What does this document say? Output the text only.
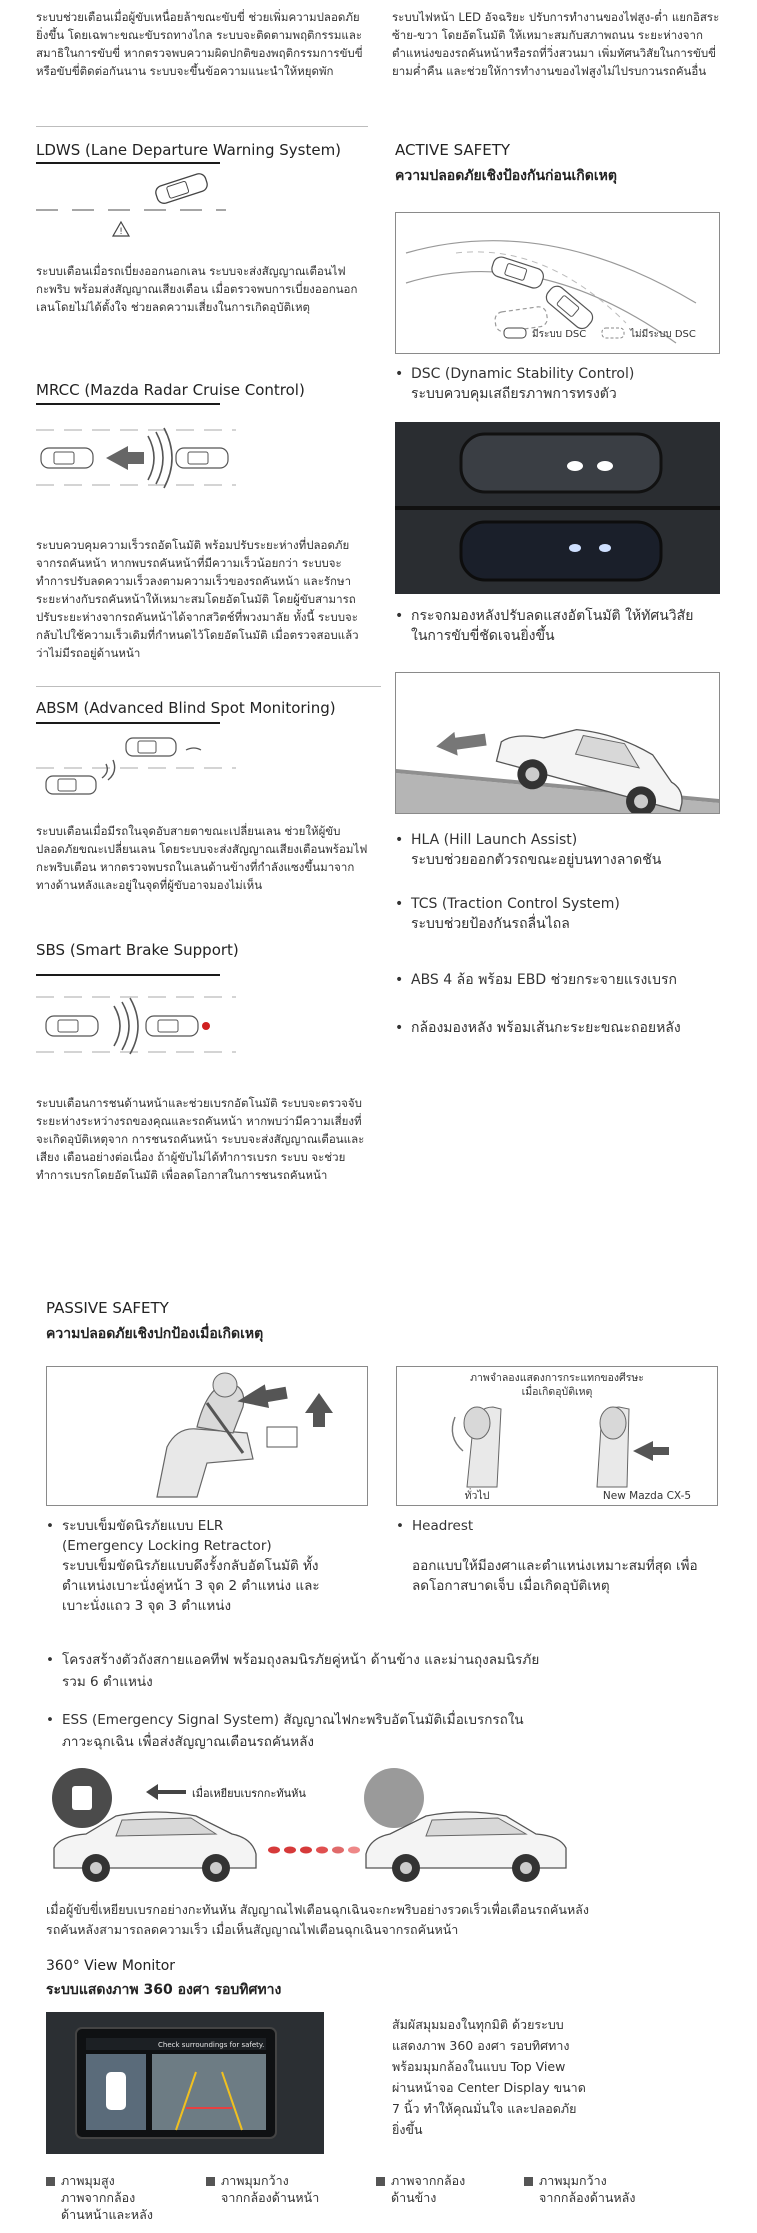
ระบบช่วยเตือนเมื่อผู้ขับเหนื่อยล้าขณะขับขี่ ช่วยเพิ่มความปลอดภัยยิ่งขึ้น โดยเฉพาะขณะขับรถทางไกล ระบบจะติดตามพฤติกรรมและสมาธิในการขับขี่ หากตรวจพบความผิดปกติของพฤติกรรมการขับขี่ หรือขับขี่ติดต่อกันนาน ระบบจะขึ้นข้อความแนะนำให้หยุดพัก
LDWS (Lane Departure Warning System)
!
ระบบเตือนเมื่อรถเบี่ยงออกนอกเลน ระบบจะส่งสัญญาณเตือนไฟกะพริบ พร้อมส่งสัญญาณเสียงเตือน เมื่อตรวจพบการเบี่ยงออกนอกเลนโดยไม่ได้ตั้งใจ ช่วยลดความเสี่ยงในการเกิดอุบัติเหตุ
MRCC (Mazda Radar Cruise Control)
ระบบควบคุมความเร็วรถอัตโนมัติ พร้อมปรับระยะห่างที่ปลอดภัยจากรถคันหน้า หากพบรถคันหน้าที่มีความเร็วน้อยกว่า ระบบจะทำการปรับลดความเร็วลงตามความเร็วของรถคันหน้า และรักษาระยะห่างกับรถคันหน้าให้เหมาะสมโดยอัตโนมัติ โดยผู้ขับสามารถปรับระยะห่างจากรถคันหน้าได้จากสวิตช์ที่พวงมาลัย ทั้งนี้ ระบบจะกลับไปใช้ความเร็วเดิมที่กำหนดไว้โดยอัตโนมัติ เมื่อตรวจสอบแล้วว่าไม่มีรถอยู่ด้านหน้า
ABSM (Advanced Blind Spot Monitoring)
ระบบเตือนเมื่อมีรถในจุดอับสายตาขณะเปลี่ยนเลน ช่วยให้ผู้ขับปลอดภัยขณะเปลี่ยนเลน โดยระบบจะส่งสัญญาณเสียงเตือนพร้อมไฟกะพริบเตือน หากตรวจพบรถในเลนด้านข้างที่กำลังแซงขึ้นมาจากทางด้านหลังและอยู่ในจุดที่ผู้ขับอาจมองไม่เห็น
SBS (Smart Brake Support)
ระบบเตือนการชนด้านหน้าและช่วยเบรกอัตโนมัติ ระบบจะตรวจจับระยะห่างระหว่างรถของคุณและรถคันหน้า หากพบว่ามีความเสี่ยงที่จะเกิดอุบัติเหตุจาก การชนรถคันหน้า ระบบจะส่งสัญญาณเตือนและเสียง เตือนอย่างต่อเนื่อง ถ้าผู้ขับไม่ได้ทำการเบรก ระบบ จะช่วยทำการเบรกโดยอัตโนมัติ เพื่อลดโอกาสในการชนรถคันหน้า
ระบบไฟหน้า LED อัจฉริยะ ปรับการทำงานของไฟสูง-ต่ำ แยกอิสระซ้าย-ขวา โดยอัตโนมัติ ให้เหมาะสมกับสภาพถนน ระยะห่างจากตำแหน่งของรถคันหน้าหรือรถที่วิ่งสวนมา เพิ่มทัศนวิสัยในการขับขี่ยามค่ำคืน และช่วยให้การทำงานของไฟสูงไม่ไปรบกวนรถคันอื่น
ACTIVE SAFETY
ความปลอดภัยเชิงป้องกันก่อนเกิดเหตุ
มีระบบ DSC	ไม่มีระบบ DSC
• DSC (Dynamic Stability Control)
ระบบควบคุมเสถียรภาพการทรงตัว
• กระจกมองหลังปรับลดแสงอัตโนมัติ ให้ทัศนวิสัย
ในการขับขี่ชัดเจนยิ่งขึ้น
• HLA (Hill Launch Assist)
ระบบช่วยออกตัวรถขณะอยู่บนทางลาดชัน
• TCS (Traction Control System)
ระบบช่วยป้องกันรถลื่นไถล
• ABS 4 ล้อ พร้อม EBD ช่วยกระจายแรงเบรก
• กล้องมองหลัง พร้อมเส้นกะระยะขณะถอยหลัง
PASSIVE SAFETY
ความปลอดภัยเชิงปกป้องเมื่อเกิดเหตุ
ภาพจำลองแสดงการกระแทกของศีรษะ
เมื่อเกิดอุบัติเหตุ
ทั่วไป	New Mazda CX-5
• ระบบเข็มขัดนิรภัยแบบ ELR
(Emergency Locking Retractor)
ระบบเข็มขัดนิรภัยแบบดึงรั้งกลับอัตโนมัติ ทั้ง
ตำแหน่งเบาะนั่งคู่หน้า 3 จุด 2 ตำแหน่ง และ
เบาะนั่งแถว 3 จุด 3 ตำแหน่ง
• Headrest
ออกแบบให้มีองศาและตำแหน่งเหมาะสมที่สุด เพื่อ
ลดโอกาสบาดเจ็บ เมื่อเกิดอุบัติเหตุ
• โครงสร้างตัวถังสกายแอคทีฟ พร้อมถุงลมนิรภัยคู่หน้า ด้านข้าง และม่านถุงลมนิรภัย
รวม 6 ตำแหน่ง
• ESS (Emergency Signal System) สัญญาณไฟกะพริบอัตโนมัติเมื่อเบรกรถใน
ภาวะฉุกเฉิน เพื่อส่งสัญญาณเตือนรถคันหลัง
เมื่อเหยียบเบรกกะทันหัน
เมื่อผู้ขับขี่เหยียบเบรกอย่างกะทันหัน สัญญาณไฟเตือนฉุกเฉินจะกะพริบอย่างรวดเร็วเพื่อเตือนรถคันหลัง
รถคันหลังสามารถลดความเร็ว เมื่อเห็นสัญญาณไฟเตือนฉุกเฉินจากรถคันหน้า
360° View Monitor
ระบบแสดงภาพ 360 องศา รอบทิศทาง
Check surroundings for safety.
สัมผัสมุมมองในทุกมิติ ด้วยระบบ
แสดงภาพ 360 องศา รอบทิศทาง
พร้อมมุมกล้องในแบบ Top View
ผ่านหน้าจอ Center Display ขนาด
7 นิ้ว ทำให้คุณมั่นใจ และปลอดภัย
ยิ่งขึ้น
ภาพมุมสูง
ภาพจากกล้อง
ด้านหน้าและหลัง
ภาพมุมกว้าง
จากกล้องด้านหน้า
ภาพจากกล้อง
ด้านข้าง
ภาพมุมกว้าง
จากกล้องด้านหลัง
